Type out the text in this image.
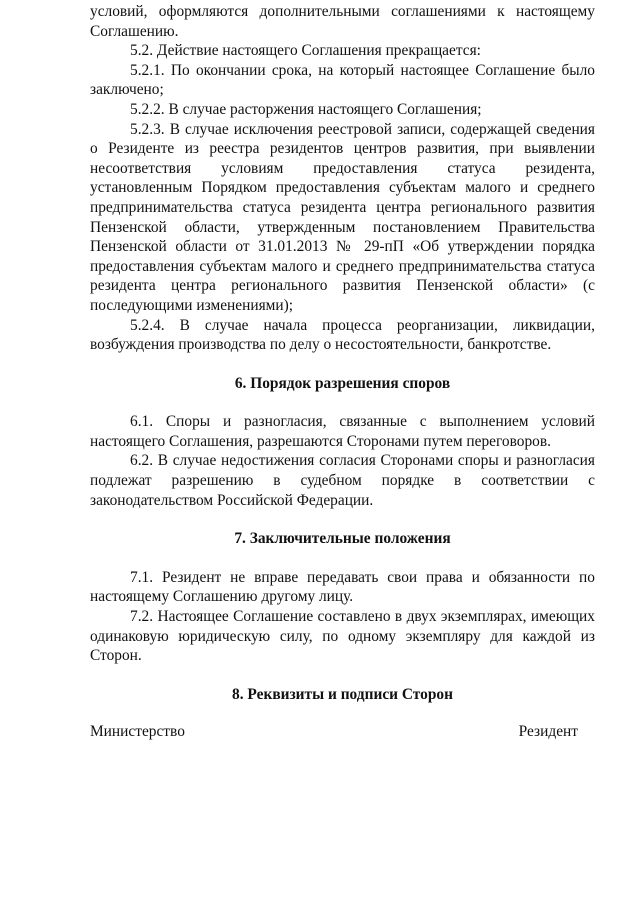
условий, оформляются дополнительными соглашениями к настоящему Соглашению.

5.2. Действие настоящего Соглашения прекращается:

5.2.1. По окончании срока, на который настоящее Соглашение было заключено;

5.2.2. В случае расторжения настоящего Соглашения;

5.2.3. В случае исключения реестровой записи, содержащей сведения о Резиденте из реестра резидентов центров развития, при выявлении несоответствия условиям предоставления статуса резидента, установленным Порядком предоставления субъектам малого и среднего предпринимательства статуса резидента центра регионального развития Пензенской области, утвержденным постановлением Правительства Пензенской области от 31.01.2013 № 29-пП «Об утверждении порядка предоставления субъектам малого и среднего предпринимательства статуса резидента центра регионального развития Пензенской области» (с последующими изменениями);

5.2.4. В случае начала процесса реорганизации, ликвидации, возбуждения производства по делу о несостоятельности, банкротстве.

6. Порядок разрешения споров

6.1. Споры и разногласия, связанные с выполнением условий настоящего Соглашения, разрешаются Сторонами путем переговоров.

6.2. В случае недостижения согласия Сторонами споры и разногласия подлежат разрешению в судебном порядке в соответствии с законодательством Российской Федерации.

7. Заключительные положения

7.1. Резидент не вправе передавать свои права и обязанности по настоящему Соглашению другому лицу.

7.2. Настоящее Соглашение составлено в двух экземплярах, имеющих одинаковую юридическую силу, по одному экземпляру для каждой из Сторон.

8. Реквизиты и подписи Сторон
Министерство	Резидент
